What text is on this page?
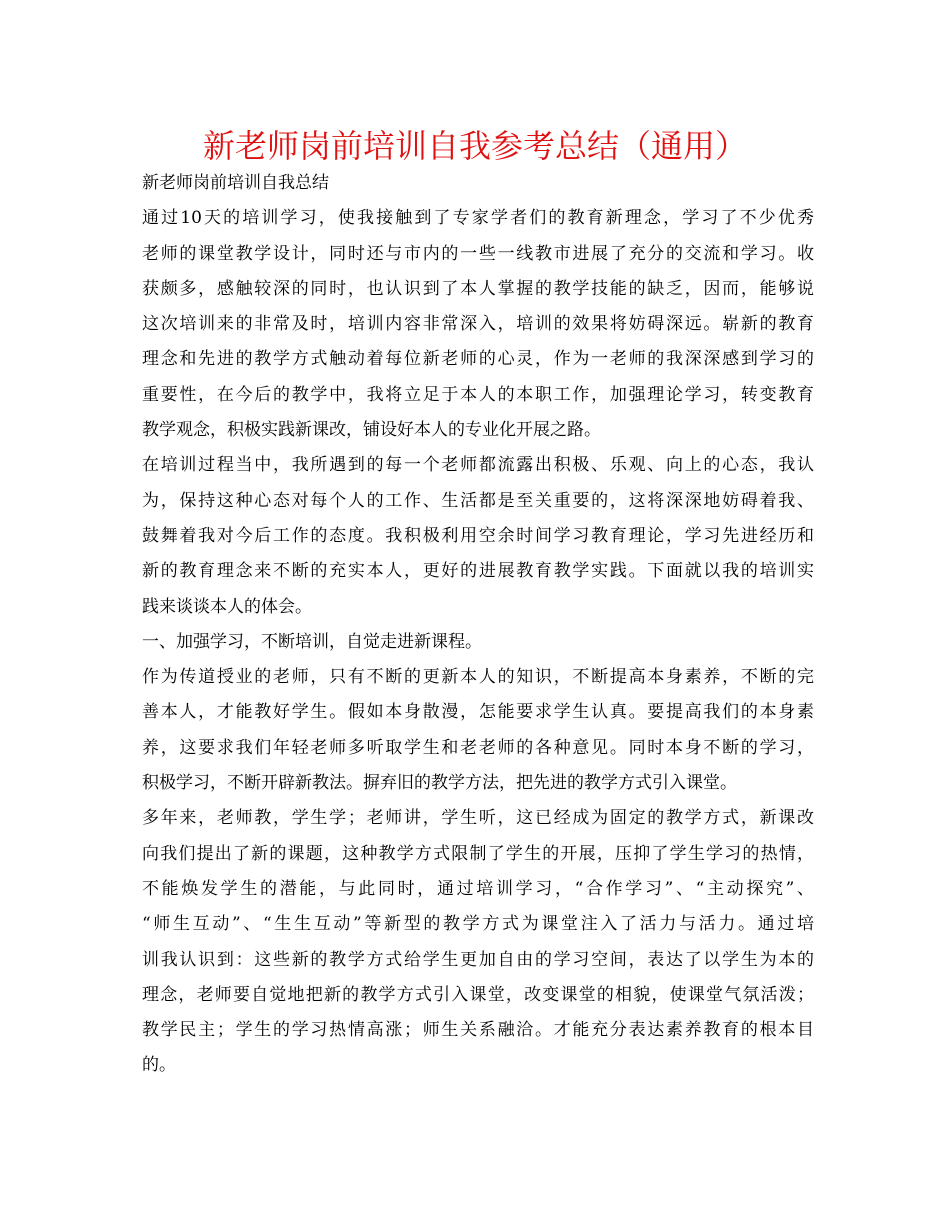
新老师岗前培训自我参考总结（通用）
新老师岗前培训自我总结
通过10天的培训学习，使我接触到了专家学者们的教育新理念，学习了不少优秀
老师的课堂教学设计，同时还与市内的一些一线教市进展了充分的交流和学习。收
获颇多，感触较深的同时，也认识到了本人掌握的教学技能的缺乏，因而，能够说
这次培训来的非常及时，培训内容非常深入，培训的效果将妨碍深远。崭新的教育
理念和先进的教学方式触动着每位新老师的心灵，作为一老师的我深深感到学习的
重要性，在今后的教学中，我将立足于本人的本职工作，加强理论学习，转变教育
教学观念，积极实践新课改，铺设好本人的专业化开展之路。
在培训过程当中，我所遇到的每一个老师都流露出积极、乐观、向上的心态，我认
为，保持这种心态对每个人的工作、生活都是至关重要的，这将深深地妨碍着我、
鼓舞着我对今后工作的态度。我积极利用空余时间学习教育理论，学习先进经历和
新的教育理念来不断的充实本人，更好的进展教育教学实践。下面就以我的培训实
践来谈谈本人的体会。
一、加强学习，不断培训，自觉走进新课程。
作为传道授业的老师，只有不断的更新本人的知识，不断提高本身素养，不断的完
善本人，才能教好学生。假如本身散漫，怎能要求学生认真。要提高我们的本身素
养，这要求我们年轻老师多听取学生和老老师的各种意见。同时本身不断的学习，
积极学习，不断开辟新教法。摒弃旧的教学方法，把先进的教学方式引入课堂。
多年来，老师教，学生学；老师讲，学生听，这已经成为固定的教学方式，新课改
向我们提出了新的课题，这种教学方式限制了学生的开展，压抑了学生学习的热情，
不能焕发学生的潜能，与此同时，通过培训学习，“合作学习”、“主动探究”、
“师生互动”、“生生互动”等新型的教学方式为课堂注入了活力与活力。通过培
训我认识到：这些新的教学方式给学生更加自由的学习空间，表达了以学生为本的
理念，老师要自觉地把新的教学方式引入课堂，改变课堂的相貌，使课堂气氛活泼；
教学民主；学生的学习热情高涨；师生关系融洽。才能充分表达素养教育的根本目
的。
